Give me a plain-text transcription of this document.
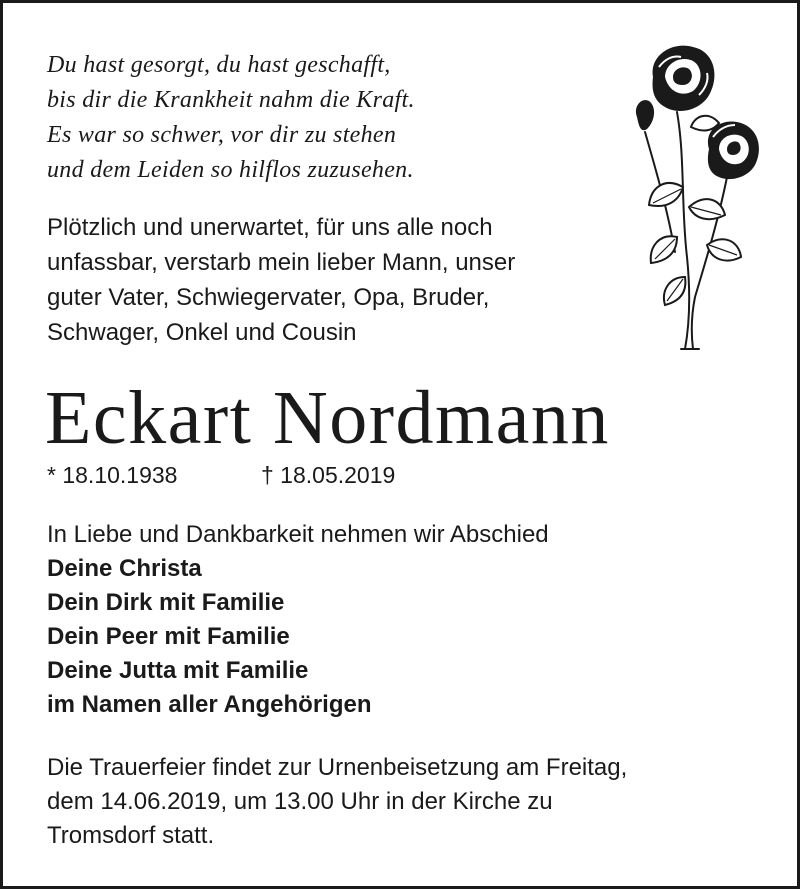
Du hast gesorgt, du hast geschafft,
bis dir die Krankheit nahm die Kraft.
Es war so schwer, vor dir zu stehen
und dem Leiden so hilflos zuzusehen.
Plötzlich und unerwartet, für uns alle noch
unfassbar, verstarb mein lieber Mann, unser
guter Vater, Schwiegervater, Opa, Bruder,
Schwager, Onkel und Cousin
Eckart Nordmann
* 18.10.1938	† 18.05.2019
In Liebe und Dankbarkeit nehmen wir Abschied
Deine Christa
Dein Dirk mit Familie
Dein Peer mit Familie
Deine Jutta mit Familie
im Namen aller Angehörigen
Die Trauerfeier findet zur Urnenbeisetzung am Freitag,
dem 14.06.2019, um 13.00 Uhr in der Kirche zu
Tromsdorf statt.
